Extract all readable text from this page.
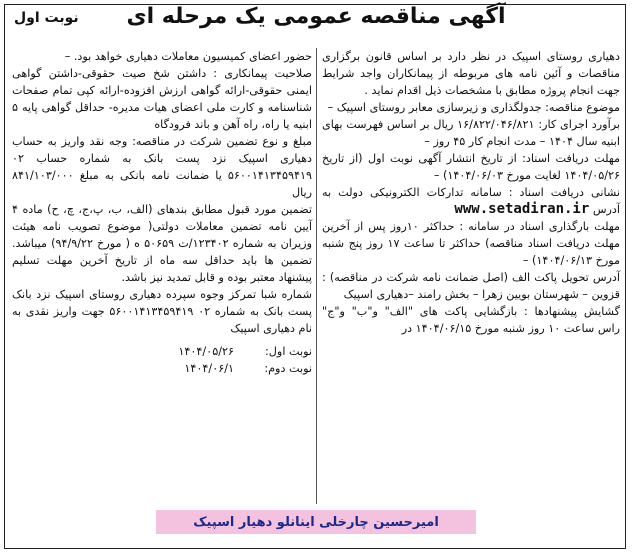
نوبت اول	آگهی مناقصه عمومی یک مرحله ای

دهیاری روستای اسپیک در نظر دارد بر اساس قانون برگزاری مناقصات و آئین نامه های مربوطه از پیمانکاران واجد شرایط جهت انجام پروژه مطابق با مشخصات ذیل اقدام نماید .

موضوع مناقصه: جدولگذاری و زیرسازی معابر روستای اسپیک –

برآورد اجرای کار: ۱۶/۸۲۲/۰۴۶/۸۲۱ ریال بر اساس فهرست بهای ابنیه سال ۱۴۰۴ – مدت انجام کار ۴۵ روز –

مهلت دریافت اسناد: از تاریخ انتشار آگهی نوبت اول (از تاریخ ۱۴۰۴/۰۵/۲۶ لغایت مورخ ۱۴۰۴/۰۶/۰۳) –

نشانی دریافت اسناد : سامانه تدارکات الکترونیکی دولت به آدرس www.setadiran.ir

مهلت بارگذاری اسناد در سامانه : حداکثر ۱۰روز پس از آخرین مهلت دریافت اسناد مناقصه) حداکثر تا ساعت ۱۷ روز پنج شنبه مورخ ۱۴۰۴/۰۶/۱۳) –

آدرس تحویل پاکت الف (اصل ضمانت نامه شرکت در مناقصه) : قزوین – شهرستان بویین زهرا – بخش رامند –دهیاری اسپیک

گشایش پیشنهادها : بازگشایی پاکت های "الف" و"ب" و"ج" راس ساعت ۱۰ روز شنبه مورخ ۱۴۰۴/۰۶/۱۵ در

حضور اعضای کمیسیون معاملات دهیاری خواهد بود. –

صلاحیت پیمانکاری : داشتن شخ صیت حقوقی-داشتن گواهی ایمنی حقوقی-ارائه گواهی ارزش افزوده-ارائه کپی تمام صفحات شناسنامه و کارت ملی اعضای هیات مدیره- حداقل گواهی پایه ۵ ابنیه یا راه، راه آهن و باند فرودگاه

مبلغ و نوع تضمین شرکت در مناقصه: وجه نقد واریز به حساب دهیاری اسپیک نزد پست بانک به شماره حساب ۰۲ ۵۶۰۰۱۴۱۳۴۵۹۴۱۹ یا ضمانت نامه بانکی به مبلغ ۸۴۱/۱۰۳/۰۰۰ ریال

تضمین مورد قبول مطابق بندهای (الف، ب، پ،ج، چ، ح) ماده ۴ آیین نامه تضمین معاملات دولتی( موضوع تصویب نامه هیئت وزیران به شماره ۱۲۳۴۰۲/ت ۵۰۶۵۹ ه ( مورخ ۹۴/۹/۲۲) میباشد. تضمین ها باید حداقل سه ماه از تاریخ آخرین مهلت تسلیم پیشنهاد معتبر بوده و قابل تمدید نیز باشد.

شماره شبا تمرکز وجوه سپرده دهیاری روستای اسپیک نزد بانک پست بانک به شماره ۰۲ ۵۶۰۰۱۴۱۳۴۵۹۴۱۹ جهت واریز نقدی به نام دهیاری اسپیک

نوبت اول:
۱۴۰۴/۰۵/۲۶
نوبت دوم:
۱۴۰۴/۰۶/۱
امیرحسین چارخلی اینانلو دهیار اسپیک
